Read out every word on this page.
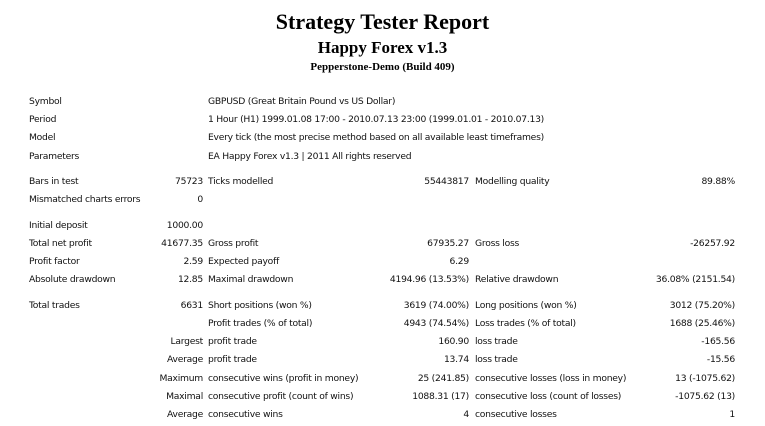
Strategy Tester Report
Happy Forex v1.3
Pepperstone-Demo (Build 409)
Symbol	GBPUSD (Great Britain Pound vs US Dollar)
Period	1 Hour (H1) 1999.01.08 17:00 - 2010.07.13 23:00 (1999.01.01 - 2010.07.13)
Model	Every tick (the most precise method based on all available least timeframes)
Parameters	EA Happy Forex v1.3 | 2011 All rights reserved
Bars in test	75723 Ticks modelled	55443817 Modelling quality	89.88%
Mismatched charts errors	0
Initial deposit	1000.00
Total net profit	41677.35 Gross profit	67935.27 Gross loss	-26257.92
Profit factor	2.59 Expected payoff	6.29
Absolute drawdown	12.85 Maximal drawdown	4194.96 (13.53%) Relative drawdown	36.08% (2151.54)
Total trades	6631 Short positions (won %)	3619 (74.00%) Long positions (won %)	3012 (75.20%)
Profit trades (% of total)	4943 (74.54%) Loss trades (% of total)	1688 (25.46%)
Largest profit trade	160.90 loss trade	-165.56
Average profit trade	13.74 loss trade	-15.56
Maximum consecutive wins (profit in money)	25 (241.85) consecutive losses (loss in money)	13 (-1075.62)
Maximal consecutive profit (count of wins)	1088.31 (17) consecutive loss (count of losses)	-1075.62 (13)
Average consecutive wins	4 consecutive losses	1
